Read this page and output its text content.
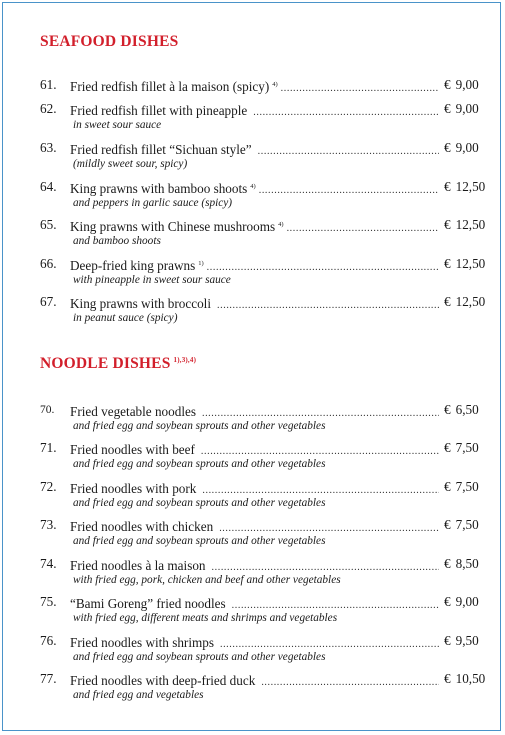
SEAFOOD DISHES
61.	Fried redfish fillet à la maison (spicy) $^{4)}$ .....	€ 9,00
62.	Fried redfish fillet with pineapple .....	€ 9,00
in sweet sour sauce
63.	Fried redfish fillet “Sichuan style” .....	€ 9,00
(mildly sweet sour, spicy)
64.	King prawns with bamboo shoots $^{4)}$ .....	€ 12,50
and peppers in garlic sauce (spicy)
65.	King prawns with Chinese mushrooms $^{4)}$ .....	€ 12,50
and bamboo shoots
66.	Deep-fried king prawns $^{1)}$ .....	€ 12,50
with pineapple in sweet sour sauce
67.	King prawns with broccoli .....	€ 12,50
in peanut sauce (spicy)
NOODLE DISHES $^{1),3),4)}$
70.	Fried vegetable noodles .....	€ 6,50
and fried egg and soybean sprouts and other vegetables
71.	Fried noodles with beef .....	€ 7,50
and fried egg and soybean sprouts and other vegetables
72.	Fried noodles with pork .....	€ 7,50
and fried egg and soybean sprouts and other vegetables
73.	Fried noodles with chicken .....	€ 7,50
and fried egg and soybean sprouts and other vegetables
74.	Fried noodles à la maison .....	€ 8,50
with fried egg, pork, chicken and beef and other vegetables
75.	“Bami Goreng” fried noodles .....	€ 9,00
with fried egg, different meats and shrimps and vegetables
76.	Fried noodles with shrimps .....	€ 9,50
and fried egg and soybean sprouts and other vegetables
77.	Fried noodles with deep-fried duck .....	€ 10,50
and fried egg and vegetables
